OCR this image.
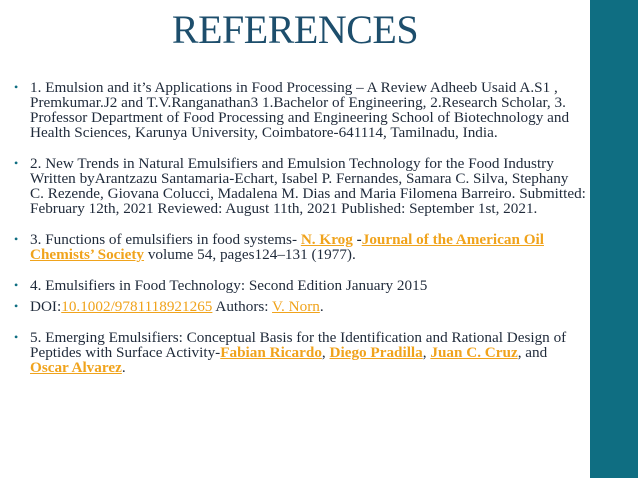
REFERENCES
• 1. Emulsion and it’s Applications in Food Processing – A Review Adheeb Usaid A.S1 , Premkumar.J2 and T.V.Ranganathan3 1.Bachelor of Engineering, 2.Research Scholar, 3. Professor Department of Food Processing and Engineering School of Biotechnology and Health Sciences, Karunya University, Coimbatore-641114, Tamilnadu, India.
• 2. New Trends in Natural Emulsifiers and Emulsion Technology for the Food Industry Written byArantzazu Santamaria-Echart, Isabel P. Fernandes, Samara C. Silva, Stephany C. Rezende, Giovana Colucci, Madalena M. Dias and Maria Filomena Barreiro. Submitted: February 12th, 2021 Reviewed: August 11th, 2021 Published: September 1st, 2021.
• 3. Functions of emulsifiers in food systems- N. Krog -Journal of the American Oil Chemists’ Society volume 54, pages124–131 (1977).
• 4. Emulsifiers in Food Technology: Second Edition January 2015
• DOI:10.1002/9781118921265 Authors: V. Norn.
• 5. Emerging Emulsifiers: Conceptual Basis for the Identification and Rational Design of Peptides with Surface Activity-Fabian Ricardo, Diego Pradilla, Juan C. Cruz, and Oscar Alvarez.
